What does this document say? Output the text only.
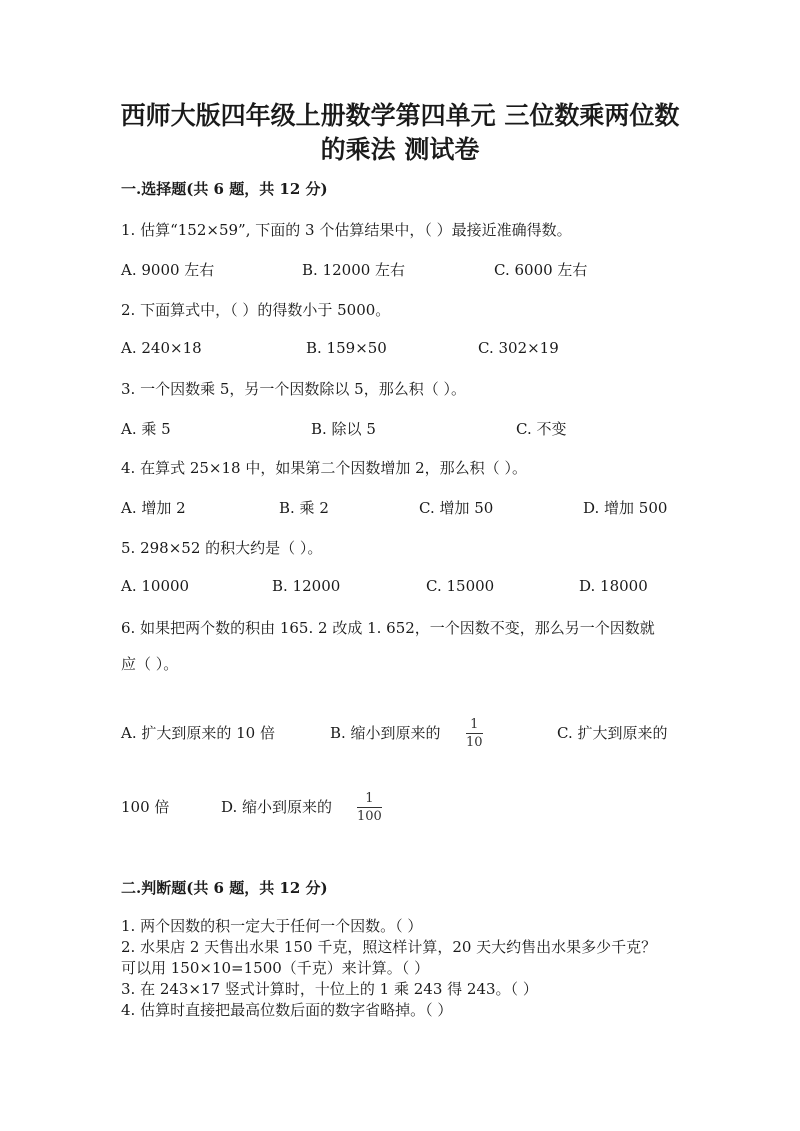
西师大版四年级上册数学第四单元 三位数乘两位数
的乘法 测试卷
一.选择题(共 6 题，共 12 分)
1. 估算“152×59”, 下面的 3 个估算结果中，（ ）最接近准确得数。
A. 9000 左右	B. 12000 左右	C. 6000 左右
2. 下面算式中，（ ）的得数小于 5000。
A. 240×18	B. 159×50	C. 302×19
3. 一个因数乘 5，另一个因数除以 5，那么积（ ）。
A. 乘 5	B. 除以 5	C. 不变
4. 在算式 25×18 中，如果第二个因数增加 2，那么积（ ）。
A. 增加 2	B. 乘 2	C. 增加 50	D. 增加 500
5. 298×52 的积大约是（ ）。
A. 10000	B. 12000	C. 15000	D. 18000
6. 如果把两个数的积由 165. 2 改成 1. 652，一个因数不变，那么另一个因数就
应（ ）。
A. 扩大到原来的 10 倍	B. 缩小到原来的 1
10
C. 扩大到原来的
100 倍	D. 缩小到原来的	1
100
二.判断题(共 6 题，共 12 分)
1. 两个因数的积一定大于任何一个因数。（ ）
2. 水果店 2 天售出水果 150 千克，照这样计算，20 天大约售出水果多少千克？
可以用 150×10=1500（千克）来计算。（ ）
3. 在 243×17 竖式计算时，十位上的 1 乘 243 得 243。（ ）
4. 估算时直接把最高位数后面的数字省略掉。（ ）
